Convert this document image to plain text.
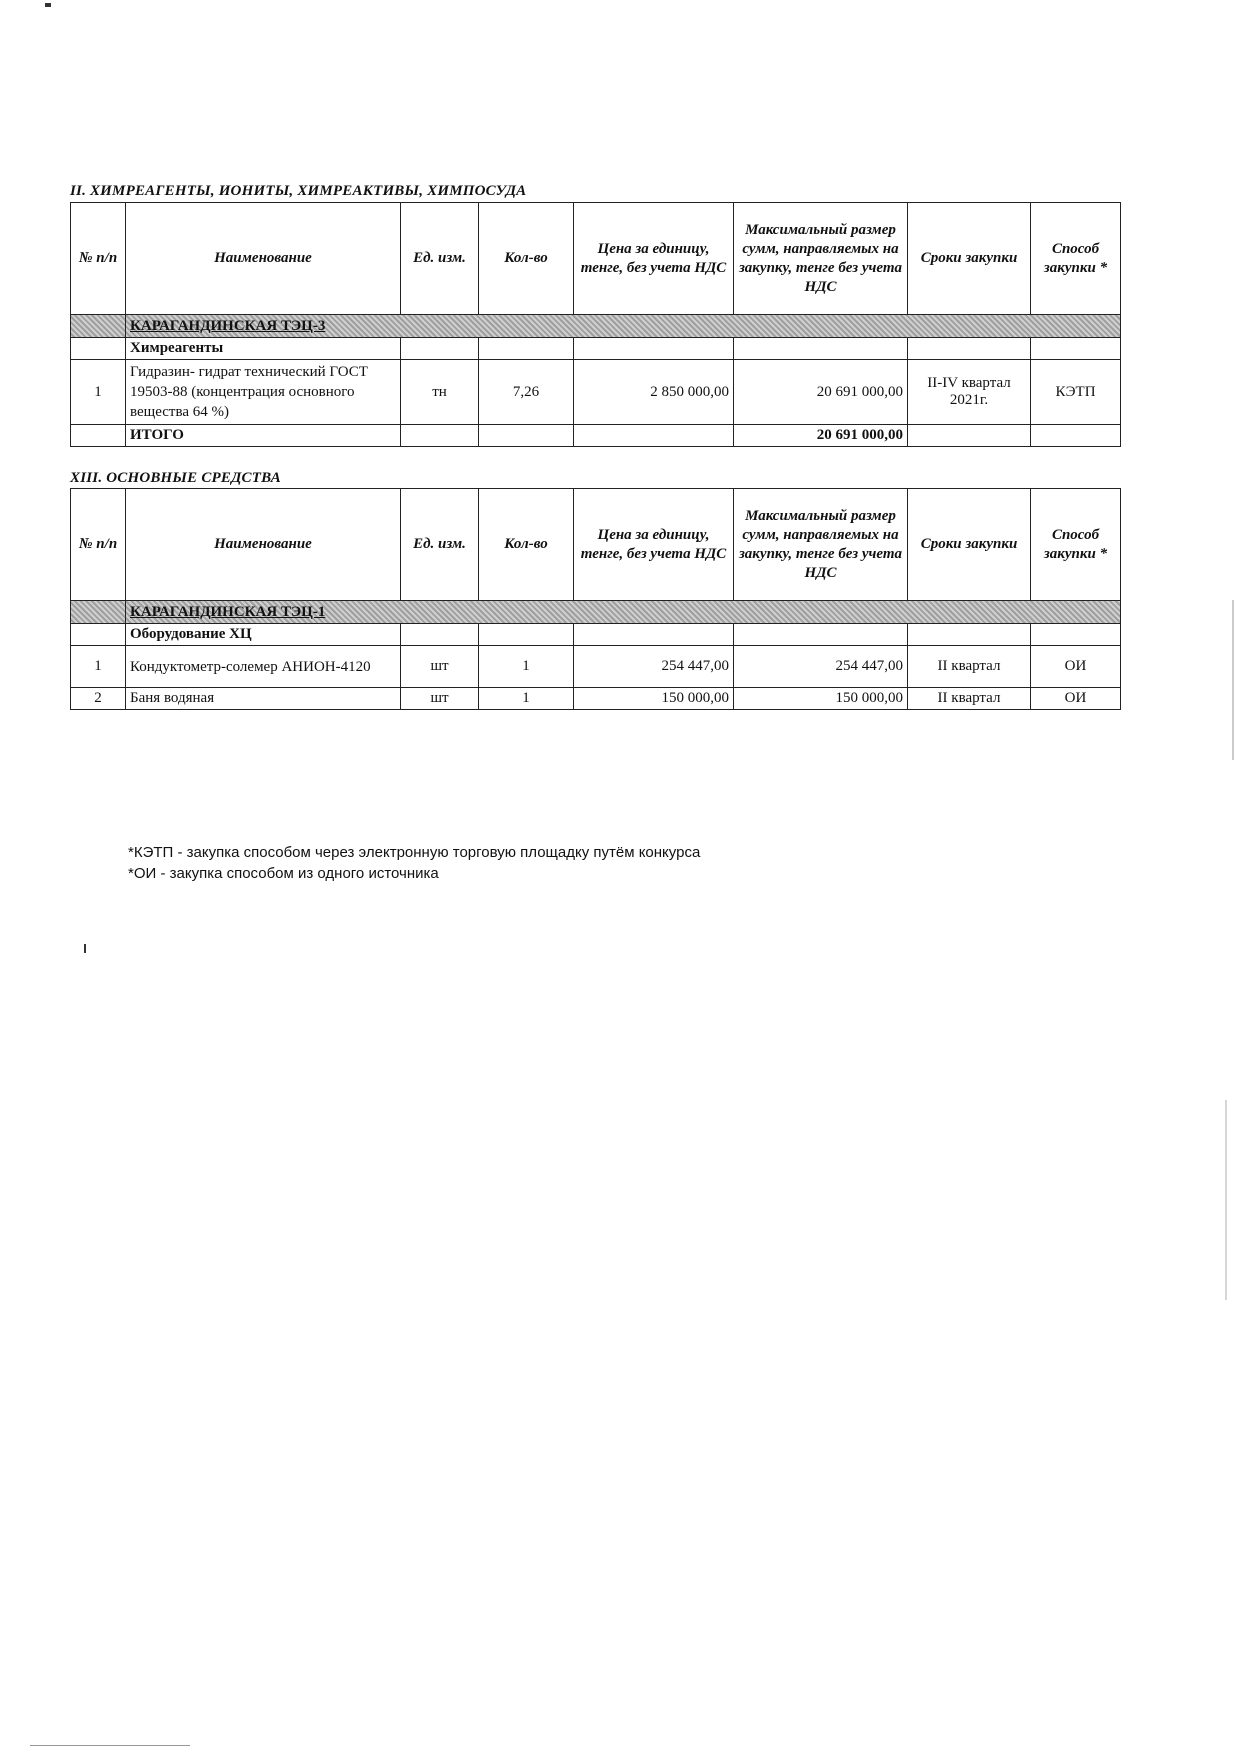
II. ХИМРЕАГЕНТЫ, ИОНИТЫ, ХИМРЕАКТИВЫ, ХИМПОСУДА
№ п/п	Наименование	Ед. изм.	Кол-во	Цена за единицу, тенге, без учета НДС	Максимальный размер сумм, направляемых на закупку, тенге без учета НДС	Сроки закупки	Способ закупки *
	КАРАГАНДИНСКАЯ ТЭЦ-3						
	Химреагенты						
1	Гидразин- гидрат технический ГОСТ 19503-88 (концентрация основного вещества 64 %)	тн	7,26	2 850 000,00	20 691 000,00	II-IV квартал 2021г.	КЭТП
	ИТОГО				20 691 000,00		
XIII. ОСНОВНЫЕ СРЕДСТВА
№ п/п	Наименование	Ед. изм.	Кол-во	Цена за единицу, тенге, без учета НДС	Максимальный размер сумм, направляемых на закупку, тенге без учета НДС	Сроки закупки	Способ закупки *
	КАРАГАНДИНСКАЯ ТЭЦ-1						
	Оборудование ХЦ						
1	Кондуктометр-солемер АНИОН-4120	шт	1	254 447,00	254 447,00	II квартал	ОИ
2	Баня водяная	шт	1	150 000,00	150 000,00	II квартал	ОИ
*КЭТП - закупка способом через электронную торговую площадку путём конкурса
*ОИ - закупка способом из одного источника
